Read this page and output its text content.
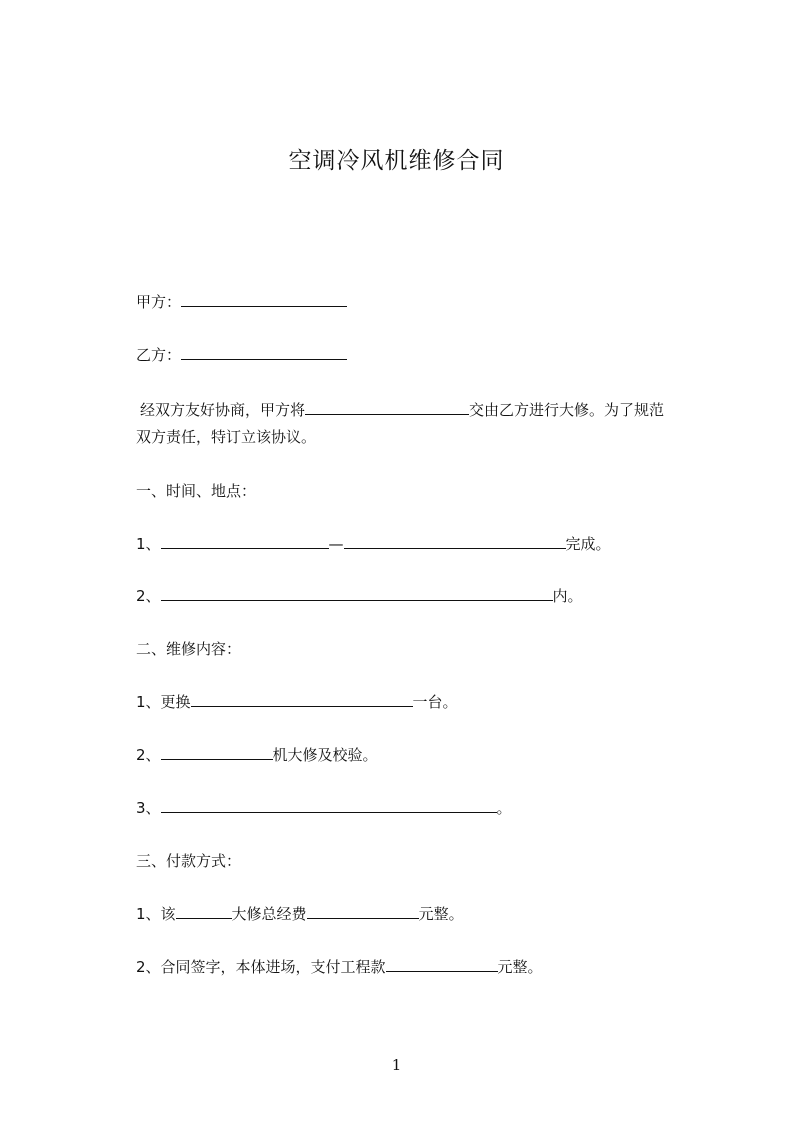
空调冷风机维修合同
甲方：
乙方：
经双方友好协商，甲方将	交由乙方进行大修。为了规范
双方责任，特订立该协议。
一、时间、地点：
1、	—	完成。
2、	内。
二、维修内容：
1、更换	一台。
2、	机大修及校验。
3、	。
三、付款方式：
1、该	大修总经费	元整。
2、合同签字，本体进场，支付工程款	元整。
1
